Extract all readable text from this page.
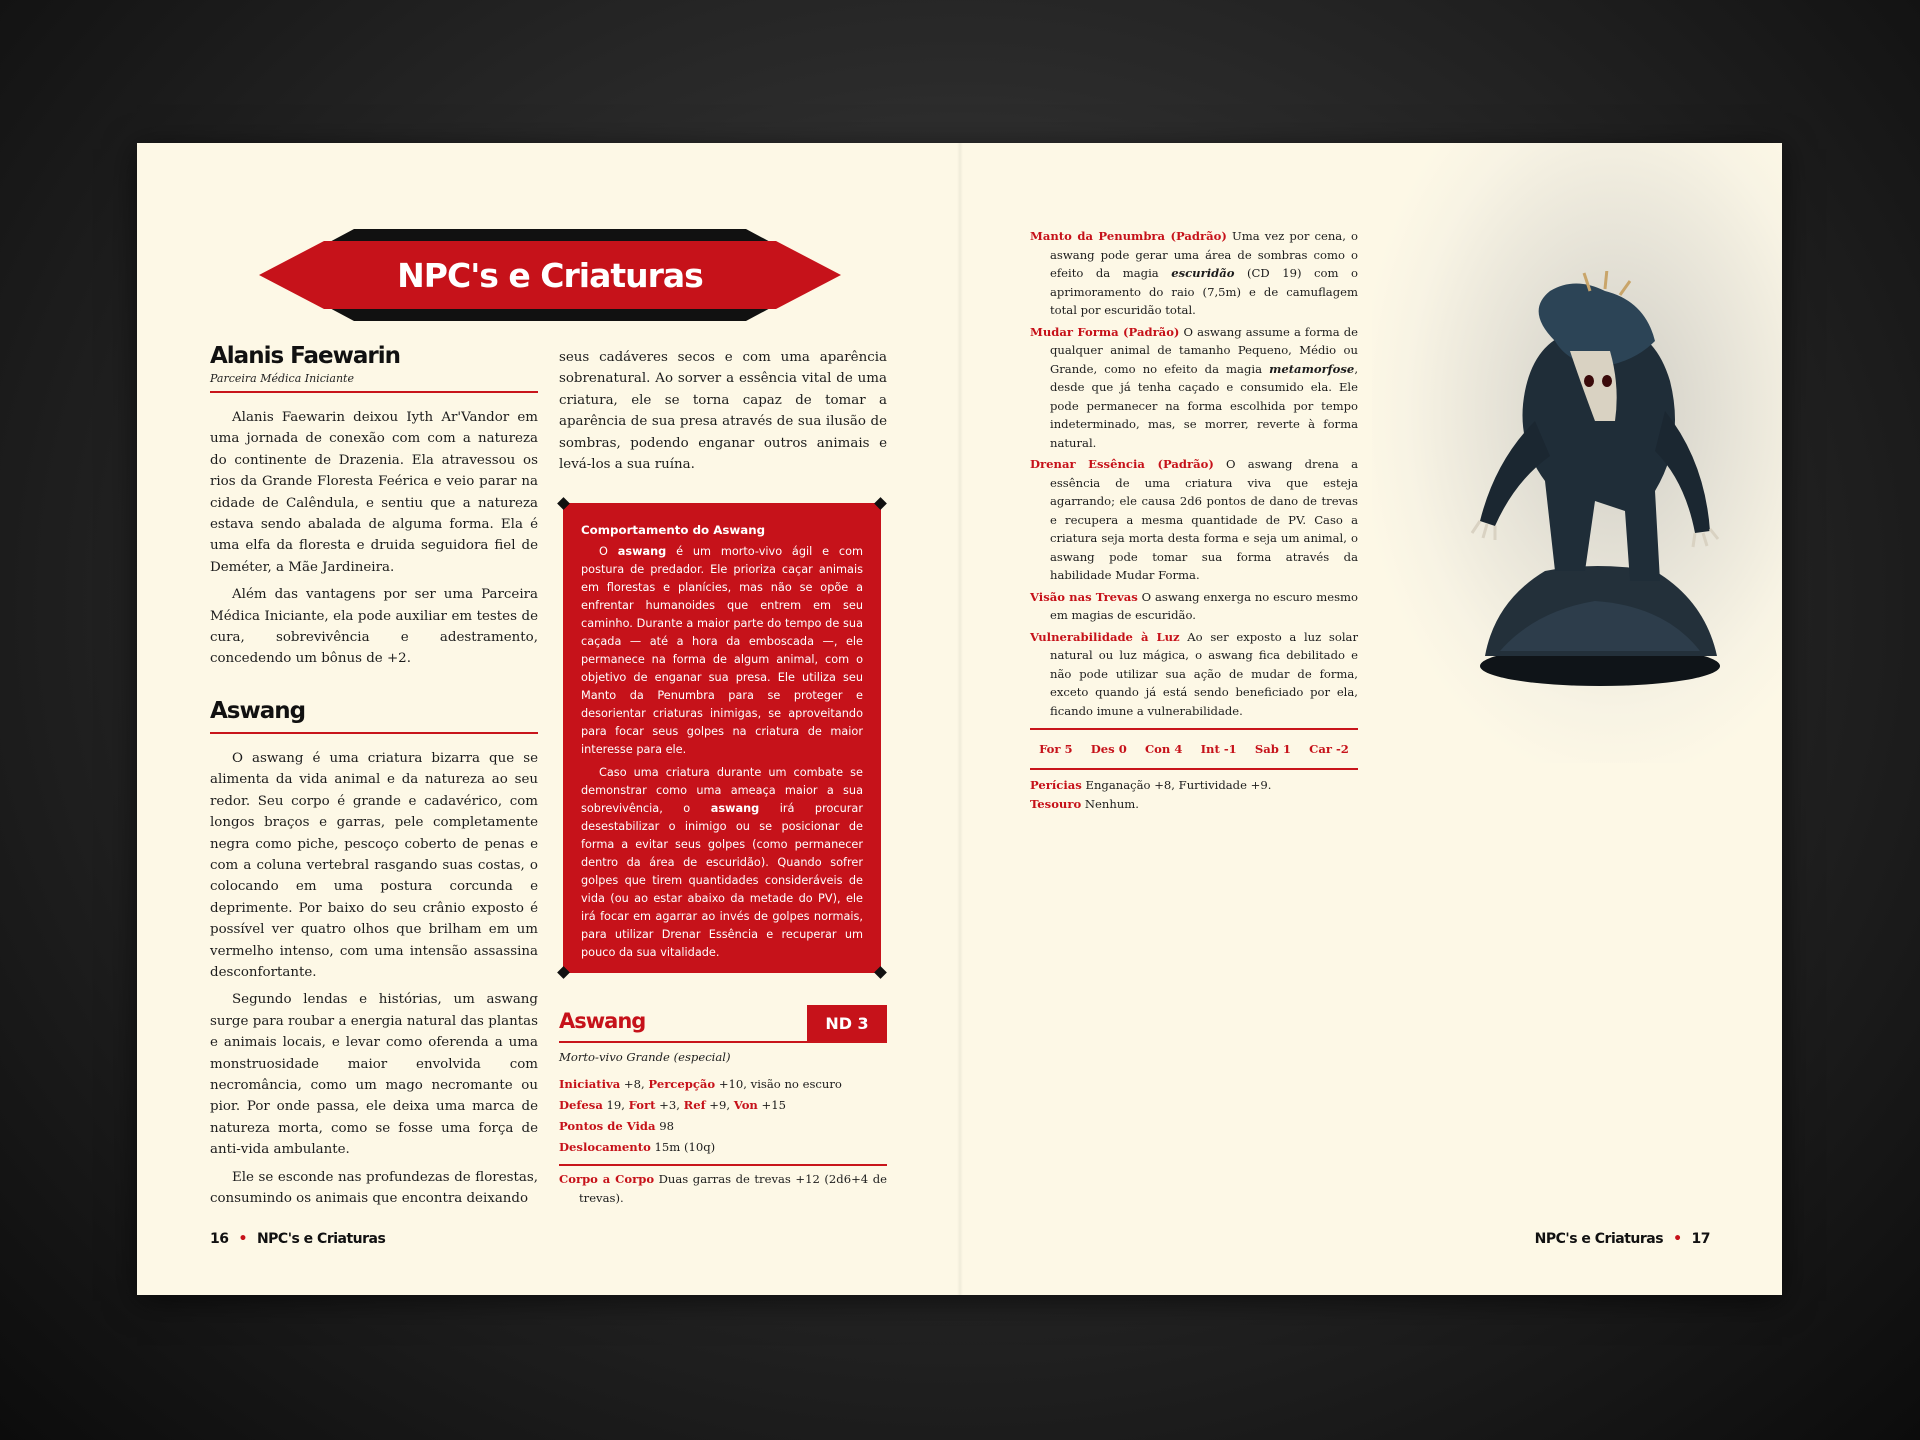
NPC's e Criaturas
Alanis Faewarin
Parceira Médica Iniciante

Alanis Faewarin deixou Iyth Ar'Vandor em uma jornada de conexão com com a natureza do continente de Drazenia. Ela atravessou os rios da Grande Floresta Feérica e veio parar na cidade de Calêndula, e sentiu que a natureza estava sendo abalada de alguma forma. Ela é uma elfa da floresta e druida seguidora fiel de Deméter, a Mãe Jardineira.

Além das vantagens por ser uma Parceira Médica Iniciante, ela pode auxiliar em testes de cura, sobrevivência e adestramento, concedendo um bônus de +2.

Aswang

O aswang é uma criatura bizarra que se alimenta da vida animal e da natureza ao seu redor. Seu corpo é grande e cadavérico, com longos braços e garras, pele completamente negra como piche, pescoço coberto de penas e com a coluna vertebral rasgando suas costas, o colocando em uma postura corcunda e deprimente. Por baixo do seu crânio exposto é possível ver quatro olhos que brilham em um vermelho intenso, com uma intensão assassina desconfortante.

Segundo lendas e histórias, um aswang surge para roubar a energia natural das plantas e animais locais, e levar como oferenda a uma monstruosidade maior envolvida com necromância, como um mago necromante ou pior. Por onde passa, ele deixa uma marca de natureza morta, como se fosse uma força de anti-vida ambulante.

Ele se esconde nas profundezas de florestas, consumindo os animais que encontra deixando

seus cadáveres secos e com uma aparência sobrenatural. Ao sorver a essência vital de uma criatura, ele se torna capaz de tomar a aparência de sua presa através de sua ilusão de sombras, podendo enganar outros animais e levá-los a sua ruína.

Comportamento do Aswang

O aswang é um morto-vivo ágil e com postura de predador. Ele prioriza caçar animais em florestas e planícies, mas não se opõe a enfrentar humanoides que entrem em seu caminho. Durante a maior parte do tempo de sua caçada — até a hora da emboscada —, ele permanece na forma de algum animal, com o objetivo de enganar sua presa. Ele utiliza seu Manto da Penumbra para se proteger e desorientar criaturas inimigas, se aproveitando para focar seus golpes na criatura de maior interesse para ele.

Caso uma criatura durante um combate se demonstrar como uma ameaça maior a sua sobrevivência, o aswang irá procurar desestabilizar o inimigo ou se posicionar de forma a evitar seus golpes (como permanecer dentro da área de escuridão). Quando sofrer golpes que tirem quantidades consideráveis de vida (ou ao estar abaixo da metade do PV), ele irá focar em agarrar ao invés de golpes normais, para utilizar Drenar Essência e recuperar um pouco da sua vitalidade.

Aswang	ND 3
Morto-vivo Grande (especial)
Iniciativa +8, Percepção +10, visão no escuro
Defesa 19, Fort +3, Ref +9, Von +15
Pontos de Vida 98
Deslocamento 15m (10q)
Corpo a Corpo Duas garras de trevas +12 (2d6+4 de trevas).
Manto da Penumbra (Padrão) Uma vez por cena, o aswang pode gerar uma área de sombras como o efeito da magia escuridão (CD 19) com o aprimoramento do raio (7,5m) e de camuflagem total por escuridão total.
Mudar Forma (Padrão) O aswang assume a forma de qualquer animal de tamanho Pequeno, Médio ou Grande, como no efeito da magia metamorfose, desde que já tenha caçado e consumido ela. Ele pode permanecer na forma escolhida por tempo indeterminado, mas, se morrer, reverte à forma natural.
Drenar Essência (Padrão) O aswang drena a essência de uma criatura viva que esteja agarrando; ele causa 2d6 pontos de dano de trevas e recupera a mesma quantidade de PV. Caso a criatura seja morta desta forma e seja um animal, o aswang pode tomar sua forma através da habilidade Mudar Forma.
Visão nas Trevas O aswang enxerga no escuro mesmo em magias de escuridão.
Vulnerabilidade à Luz Ao ser exposto a luz solar natural ou luz mágica, o aswang fica debilitado e não pode utilizar sua ação de mudar de forma, exceto quando já está sendo beneficiado por ela, ficando imune a vulnerabilidade.
For 5 Des 0 Con 4 Int -1 Sab 1 Car -2
Perícias Enganação +8, Furtividade +9.
Tesouro Nenhum.
16 • NPC's e Criaturas	NPC's e Criaturas • 17
